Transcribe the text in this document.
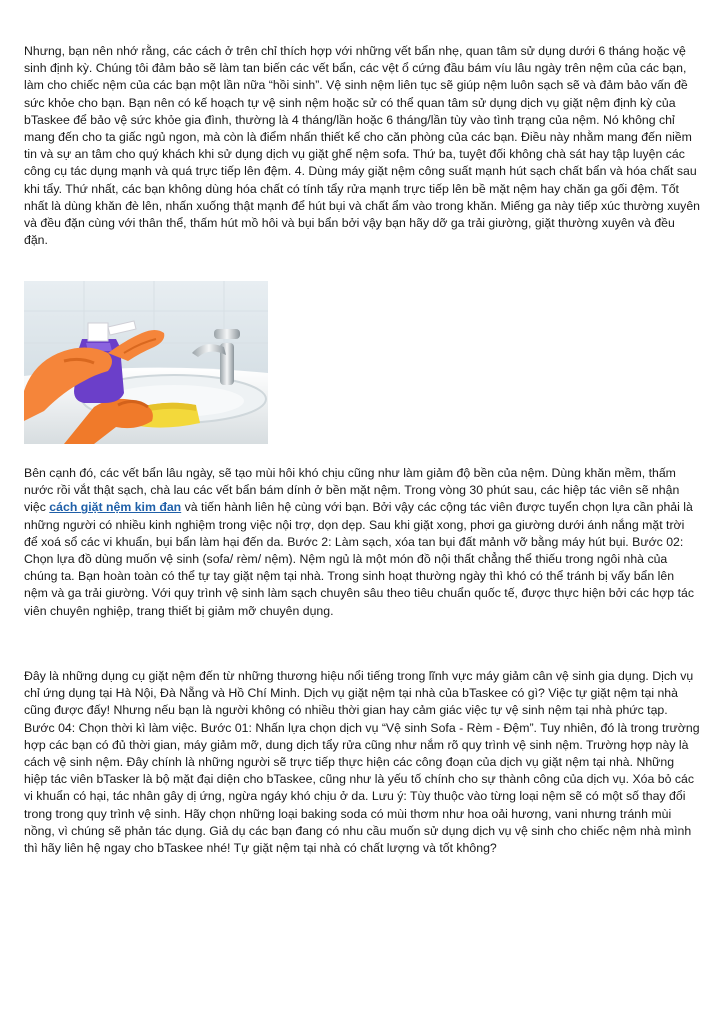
Nhưng, bạn nên nhớ rằng, các cách ở trên chỉ thích hợp với những vết bẩn nhẹ, quan tâm sử dụng dưới 6 tháng hoặc vệ sinh định kỳ. Chúng tôi đảm bảo sẽ làm tan biến các vết bẩn, các vệt ổ cứng đầu bám víu lâu ngày trên nệm của các bạn, làm cho chiếc nệm của các bạn một lần nữa “hồi sinh”. Vệ sinh nệm liên tục sẽ giúp nệm luôn sạch sẽ và đảm bảo vấn đề sức khỏe cho bạn. Bạn nên có kế hoạch tự vệ sinh nệm hoặc sử có thể quan tâm sử dụng dịch vụ giặt nệm định kỳ của bTaskee để bảo vệ sức khỏe gia đình, thường là 4 tháng/lần hoặc 6 tháng/lần tùy vào tình trạng của nệm. Nó không chỉ mang đến cho ta giấc ngủ ngon, mà còn là điểm nhấn thiết kế cho căn phòng của các bạn. Điều này nhằm mang đến niềm tin và sự an tâm cho quý khách khi sử dụng dịch vụ giặt ghế nệm sofa. Thứ ba, tuyệt đối không chà sát hay tập luyện các công cụ tác dụng mạnh và quá trực tiếp lên đệm. 4. Dùng máy giặt nệm công suất mạnh hút sạch chất bẩn và hóa chất sau khi tẩy. Thứ nhất, các bạn không dùng hóa chất có tính tẩy rửa mạnh trực tiếp lên bề mặt nệm hay chăn ga gối đệm. Tốt nhất là dùng khăn đè lên, nhấn xuống thật mạnh để hút bụi và chất ẩm vào trong khăn. Miếng ga này tiếp xúc thường xuyên và đều đặn cùng với thân thể, thấm hút mồ hôi và bụi bẩn bởi vậy bạn hãy dỡ ga trải giường, giặt thường xuyên và đều đặn.

Bên cạnh đó, các vết bẩn lâu ngày, sẽ tạo mùi hôi khó chịu cũng như làm giảm độ bền của nệm. Dùng khăn mềm, thấm nước rồi vắt thật sạch, chà lau các vết bẩn bám dính ở bền mặt nệm. Trong vòng 30 phút sau, các hiệp tác viên sẽ nhận việc cách giặt nệm kim đan và tiến hành liên hệ cùng với bạn. Bởi vậy các cộng tác viên được tuyển chọn lựa cần phải là những người có nhiều kinh nghiệm trong việc nội trợ, dọn dẹp. Sau khi giặt xong, phơi ga giường dưới ánh nắng mặt trời để xoá sổ các vi khuẩn, bụi bẩn làm hại đến da. Bước 2: Làm sạch, xóa tan bụi đất mảnh vỡ bằng máy hút bụi. Bước 02: Chọn lựa đồ dùng muốn vệ sinh (sofa/ rèm/ nệm). Nệm ngủ là một món đồ nội thất chẳng thể thiếu trong ngôi nhà của chúng ta. Bạn hoàn toàn có thể tự tay giặt nệm tại nhà. Trong sinh hoạt thường ngày thì khó có thể tránh bị vấy bẩn lên nệm và ga trải giường. Với quy trình vệ sinh làm sạch chuyên sâu theo tiêu chuẩn quốc tế, được thực hiện bởi các hợp tác viên chuyên nghiệp, trang thiết bị giảm mỡ chuyên dụng.

Đây là những dụng cụ giặt nệm đến từ những thương hiệu nổi tiếng trong lĩnh vực máy giảm cân vệ sinh gia dụng. Dịch vụ chỉ ứng dụng tại Hà Nội, Đà Nẵng và Hồ Chí Minh. Dịch vụ giặt nệm tại nhà của bTaskee có gì? Việc tự giặt nệm tại nhà cũng được đấy! Nhưng nếu bạn là người không có nhiều thời gian hay cảm giác việc tự vệ sinh nệm tại nhà phức tạp. Bước 04: Chọn thời kì làm việc. Bước 01: Nhấn lựa chọn dịch vụ “Vệ sinh Sofa - Rèm - Đệm”. Tuy nhiên, đó là trong trường hợp các bạn có đủ thời gian, máy giảm mỡ, dung dịch tẩy rửa cũng như nắm rõ quy trình vệ sinh nệm. Trường hợp này là cách vệ sinh nệm. Đây chính là những người sẽ trực tiếp thực hiện các công đoạn của dịch vụ giặt nệm tại nhà. Những hiệp tác viên bTasker là bộ mặt đại diện cho bTaskee, cũng như là yếu tố chính cho sự thành công của dịch vụ. Xóa bỏ các vi khuẩn có hại, tác nhân gây dị ứng, ngừa ngáy khó chịu ở da. Lưu ý: Tùy thuộc vào từng loại nệm sẽ có một số thay đổi trong trong quy trình vệ sinh. Hãy chọn những loại baking soda có mùi thơm như hoa oải hương, vani nhưng tránh mùi nồng, vì chúng sẽ phản tác dụng. Giả dụ các bạn đang có nhu cầu muốn sử dụng dịch vụ vệ sinh cho chiếc nệm nhà mình thì hãy liên hệ ngay cho bTaskee nhé! Tự giặt nệm tại nhà có chất lượng và tốt không?
